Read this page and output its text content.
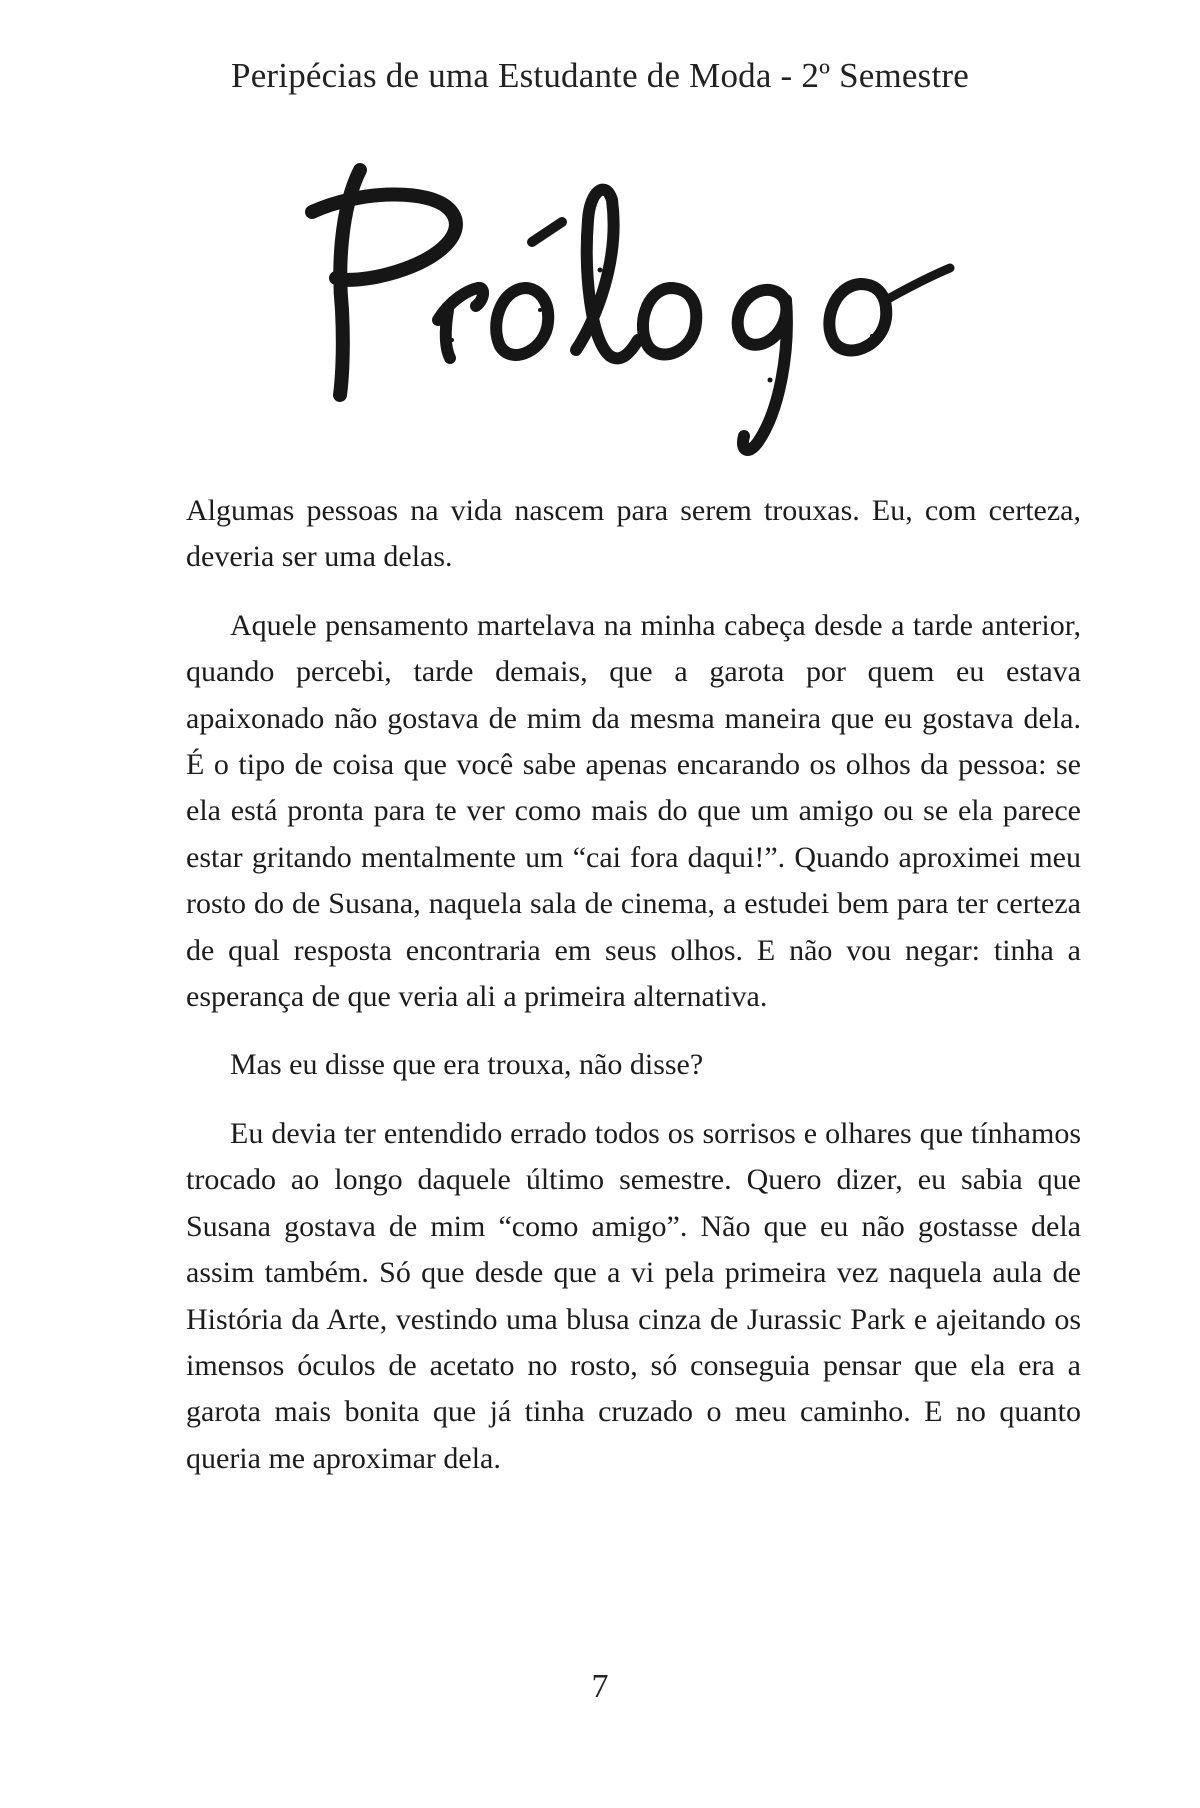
Peripécias de uma Estudante de Moda - 2º Semestre

Algumas pessoas na vida nascem para serem trouxas. Eu, com certeza, deveria ser uma delas.

Aquele pensamento martelava na minha cabeça desde a tarde anterior, quando percebi, tarde demais, que a garota por quem eu estava apaixonado não gostava de mim da mesma maneira que eu gostava dela. É o tipo de coisa que você sabe apenas encarando os olhos da pessoa: se ela está pronta para te ver como mais do que um amigo ou se ela parece estar gritando mentalmente um “cai fora daqui!”. Quando aproximei meu rosto do de Susana, naquela sala de cinema, a estudei bem para ter certeza de qual resposta encontraria em seus olhos. E não vou negar: tinha a esperança de que veria ali a primeira alternativa.

Mas eu disse que era trouxa, não disse?

Eu devia ter entendido errado todos os sorrisos e olhares que tínhamos trocado ao longo daquele último semestre. Quero dizer, eu sabia que Susana gostava de mim “como amigo”. Não que eu não gostasse dela assim também. Só que desde que a vi pela primeira vez naquela aula de História da Arte, vestindo uma blusa cinza de Jurassic Park e ajeitando os imensos óculos de acetato no rosto, só conseguia pensar que ela era a garota mais bonita que já tinha cruzado o meu caminho. E no quanto queria me aproximar dela.

7
